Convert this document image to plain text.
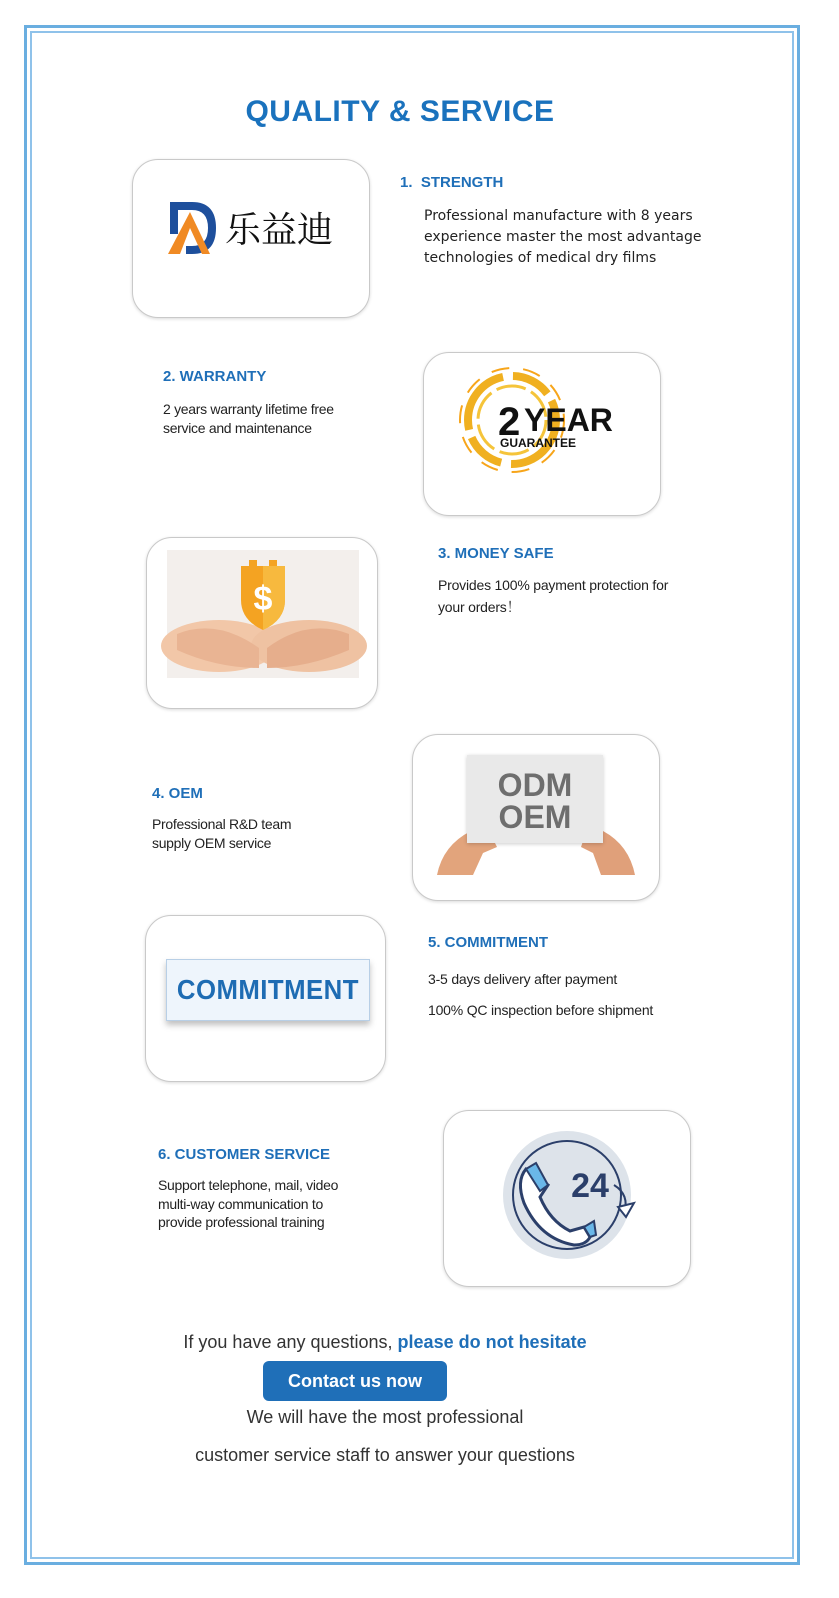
QUALITY & SERVICE
乐益迪
1.  STRENGTH
Professional manufacture with 8 years
experience master the most advantage
technologies of medical dry films
2. WARRANTY
2 years warranty lifetime free
service and maintenance	2 YEAR
GUARANTEE
$
3. MONEY SAFE
Provides 100% payment protection for
your orders！
4. OEM
Professional R&D team
supply OEM service
ODM
OEM
COMMITMENT
5. COMMITMENT
3-5 days delivery after payment
100% QC inspection before shipment
6. CUSTOMER SERVICE
Support telephone, mail, video
multi-way communication to
provide professional training
24
If you have any questions, please do not hesitate
Contact us now
We will have the most professional
customer service staff to answer your questions
